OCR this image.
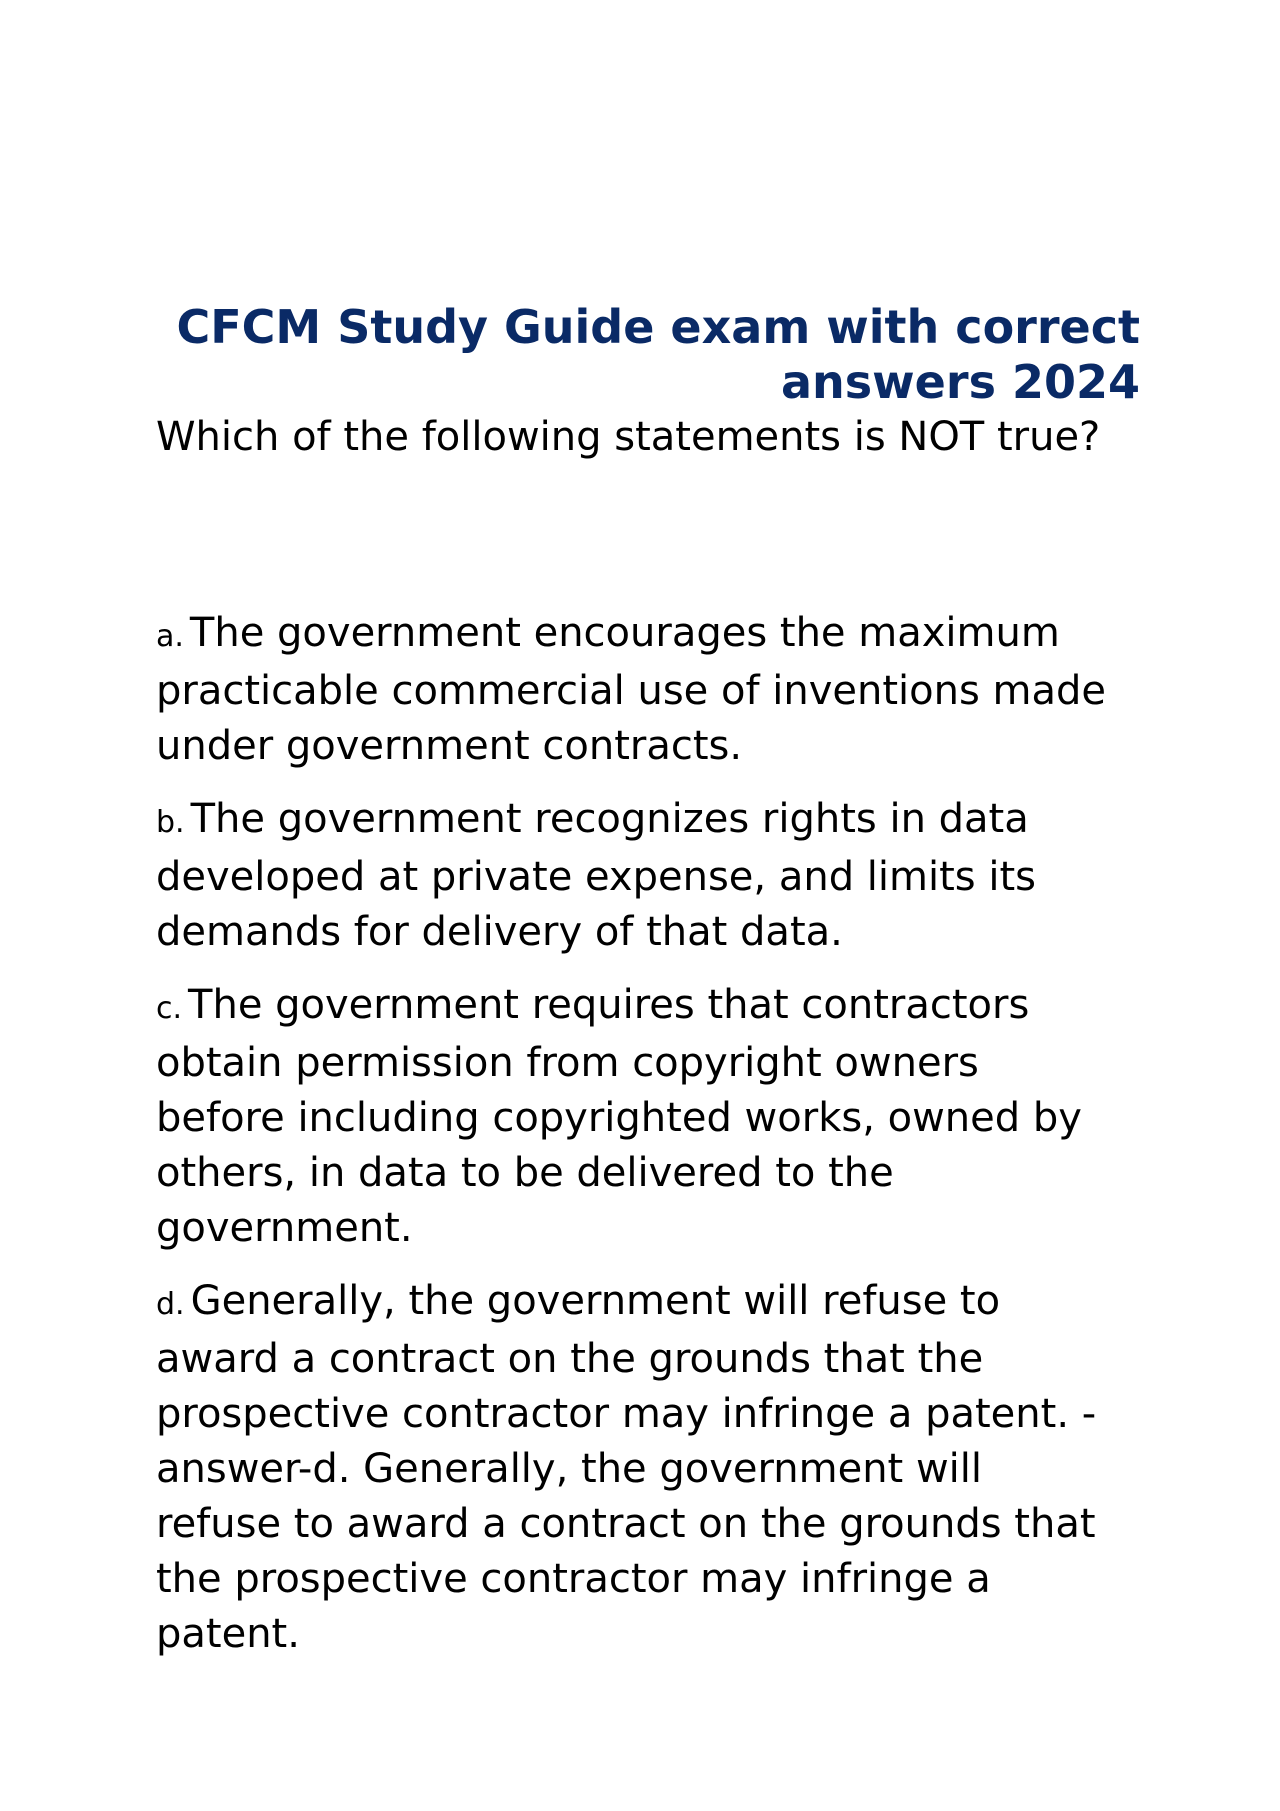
CFCM Study Guide exam with correct answers 2024

Which of the following statements is NOT true?

a. The government encourages the maximum practicable commercial use of inventions made under government contracts.

b. The government recognizes rights in data developed at private expense, and limits its demands for delivery of that data.

c. The government requires that contractors obtain permission from copyright owners before including copyrighted works, owned by others, in data to be delivered to the government.

d. Generally, the government will refuse to award a contract on the grounds that the prospective contractor may infringe a patent. - answer-d. Generally, the government will refuse to award a contract on the grounds that the prospective contractor may infringe a patent.
